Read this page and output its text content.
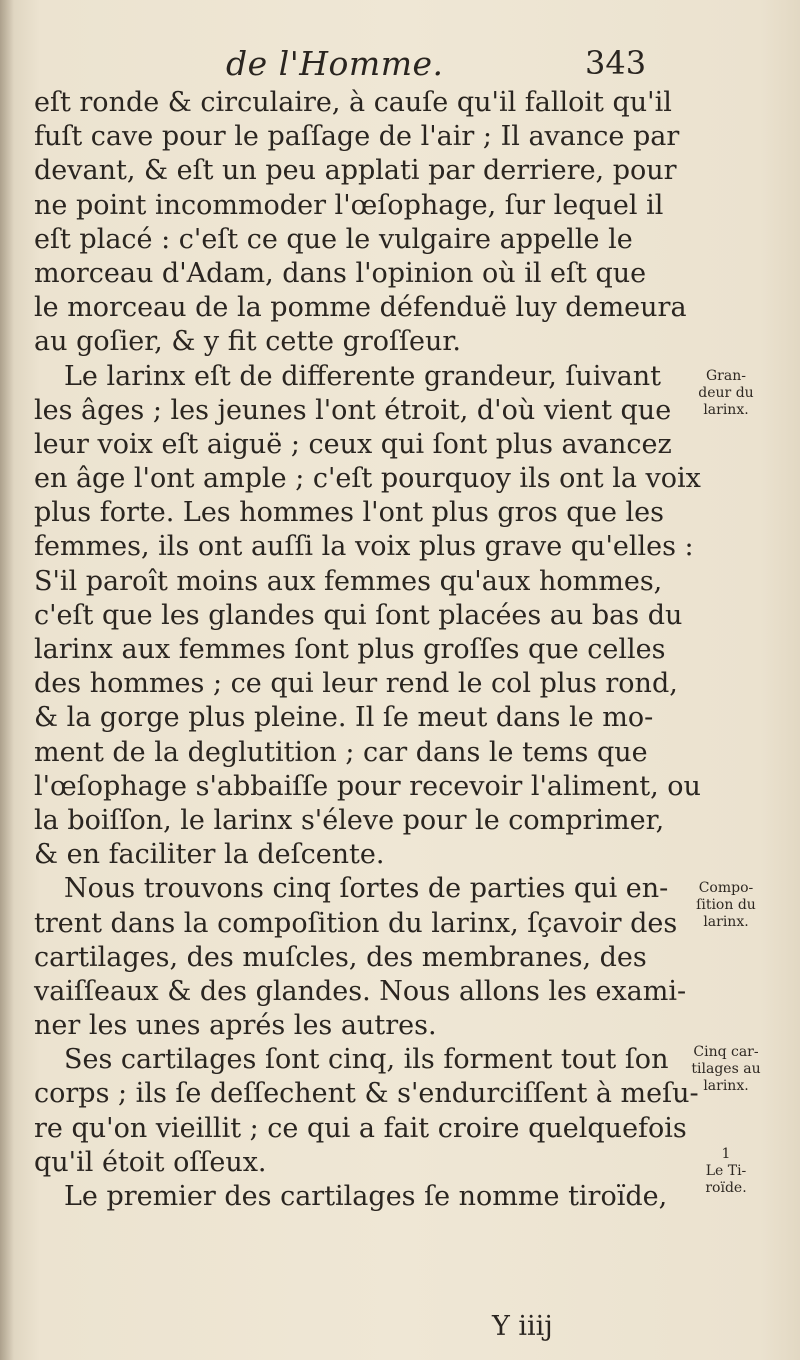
de l'Homme.	343
eſt ronde & circulaire, à cauſe qu'il falloit qu'il
fuſt cave pour le paſſage de l'air ; Il avance par
devant, & eſt un peu applati par derriere, pour
ne point incommoder l'œſophage, ſur lequel il
eſt placé : c'eſt ce que le vulgaire appelle le
morceau d'Adam, dans l'opinion où il eſt que
le morceau de la pomme défenduë luy demeura
au goſier, & y fit cette groſſeur.
Le larinx eſt de differente grandeur, ſuivant
les âges ; les jeunes l'ont étroit, d'où vient que
leur voix eſt aiguë ; ceux qui ſont plus avancez
en âge l'ont ample ; c'eſt pourquoy ils ont la voix
plus forte. Les hommes l'ont plus gros que les
femmes, ils ont auſſi la voix plus grave qu'elles :
S'il paroît moins aux femmes qu'aux hommes,
c'eſt que les glandes qui ſont placées au bas du
larinx aux femmes ſont plus groſſes que celles
des hommes ; ce qui leur rend le col plus rond,
& la gorge plus pleine. Il ſe meut dans le mo-
ment de la deglutition ; car dans le tems que
l'œſophage s'abbaiſſe pour recevoir l'aliment, ou
la boiſſon, le larinx s'éleve pour le comprimer,
& en faciliter la deſcente.
Nous trouvons cinq ſortes de parties qui en-
trent dans la compoſition du larinx, ſçavoir des
cartilages, des muſcles, des membranes, des
vaiſſeaux & des glandes. Nous allons les exami-
ner les unes aprés les autres.
Ses cartilages ſont cinq, ils forment tout ſon
corps ; ils ſe deſſechent & s'endurciſſent à meſu-
re qu'on vieillit ; ce qui a fait croire quelquefois
qu'il étoit oſſeux.
Le premier des cartilages ſe nomme tiroïde,
Gran-
deur du
larinx.
Compo-
ſition du
larinx.
Cinq car-
tilages au
larinx.
1
Le Ti-
roïde.
Y iiij
